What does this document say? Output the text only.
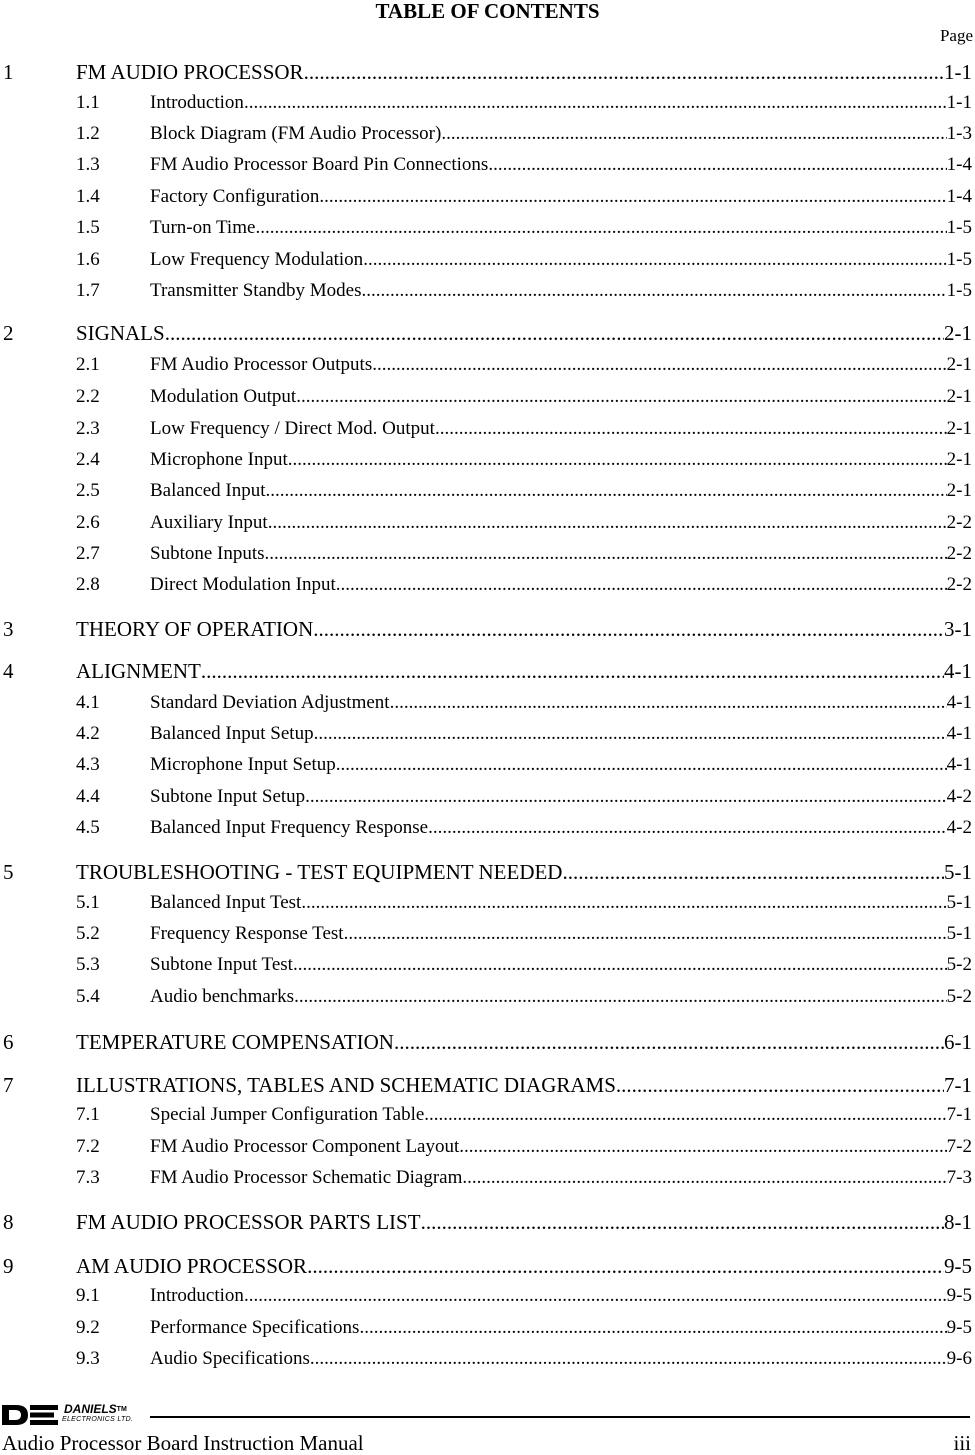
TABLE OF CONTENTS
Page
1	FM AUDIO PROCESSOR .....	1-1
1.1	Introduction .....	1-1
1.2	Block Diagram (FM Audio Processor) .....	1-3
1.3	FM Audio Processor Board Pin Connections .....	1-4
1.4	Factory Configuration .....	1-4
1.5	Turn-on Time .....	1-5
1.6	Low Frequency Modulation .....	1-5
1.7	Transmitter Standby Modes .....	1-5
2	SIGNALS .....	2-1
2.1	FM Audio Processor Outputs .....	2-1
2.2	Modulation Output .....	2-1
2.3	Low Frequency / Direct Mod. Output .....	2-1
2.4	Microphone Input .....	2-1
2.5	Balanced Input .....	2-1
2.6	Auxiliary Input .....	2-2
2.7	Subtone Inputs .....	2-2
2.8	Direct Modulation Input .....	2-2
3	THEORY OF OPERATION .....	3-1
4	ALIGNMENT .....	4-1
4.1	Standard Deviation Adjustment .....	4-1
4.2	Balanced Input Setup .....	4-1
4.3	Microphone Input Setup .....	4-1
4.4	Subtone Input Setup .....	4-2
4.5	Balanced Input Frequency Response .....	4-2
5	TROUBLESHOOTING - TEST EQUIPMENT NEEDED .....	5-1
5.1	Balanced Input Test .....	5-1
5.2	Frequency Response Test .....	5-1
5.3	Subtone Input Test .....	5-2
5.4	Audio benchmarks .....	5-2
6	TEMPERATURE COMPENSATION .....	6-1
7	ILLUSTRATIONS, TABLES AND SCHEMATIC DIAGRAMS .....	7-1
7.1	Special Jumper Configuration Table .....	7-1
7.2	FM Audio Processor Component Layout .....	7-2
7.3	FM Audio Processor Schematic Diagram .....	7-3
8	FM AUDIO PROCESSOR PARTS LIST .....	8-1
9	AM AUDIO PROCESSOR .....	9-5
9.1	Introduction .....	9-5
9.2	Performance Specifications .....	9-5
9.3	Audio Specifications .....	9-6
DANIELS™
ELECTRONICS LTD.
Audio Processor Board Instruction Manual	iii
